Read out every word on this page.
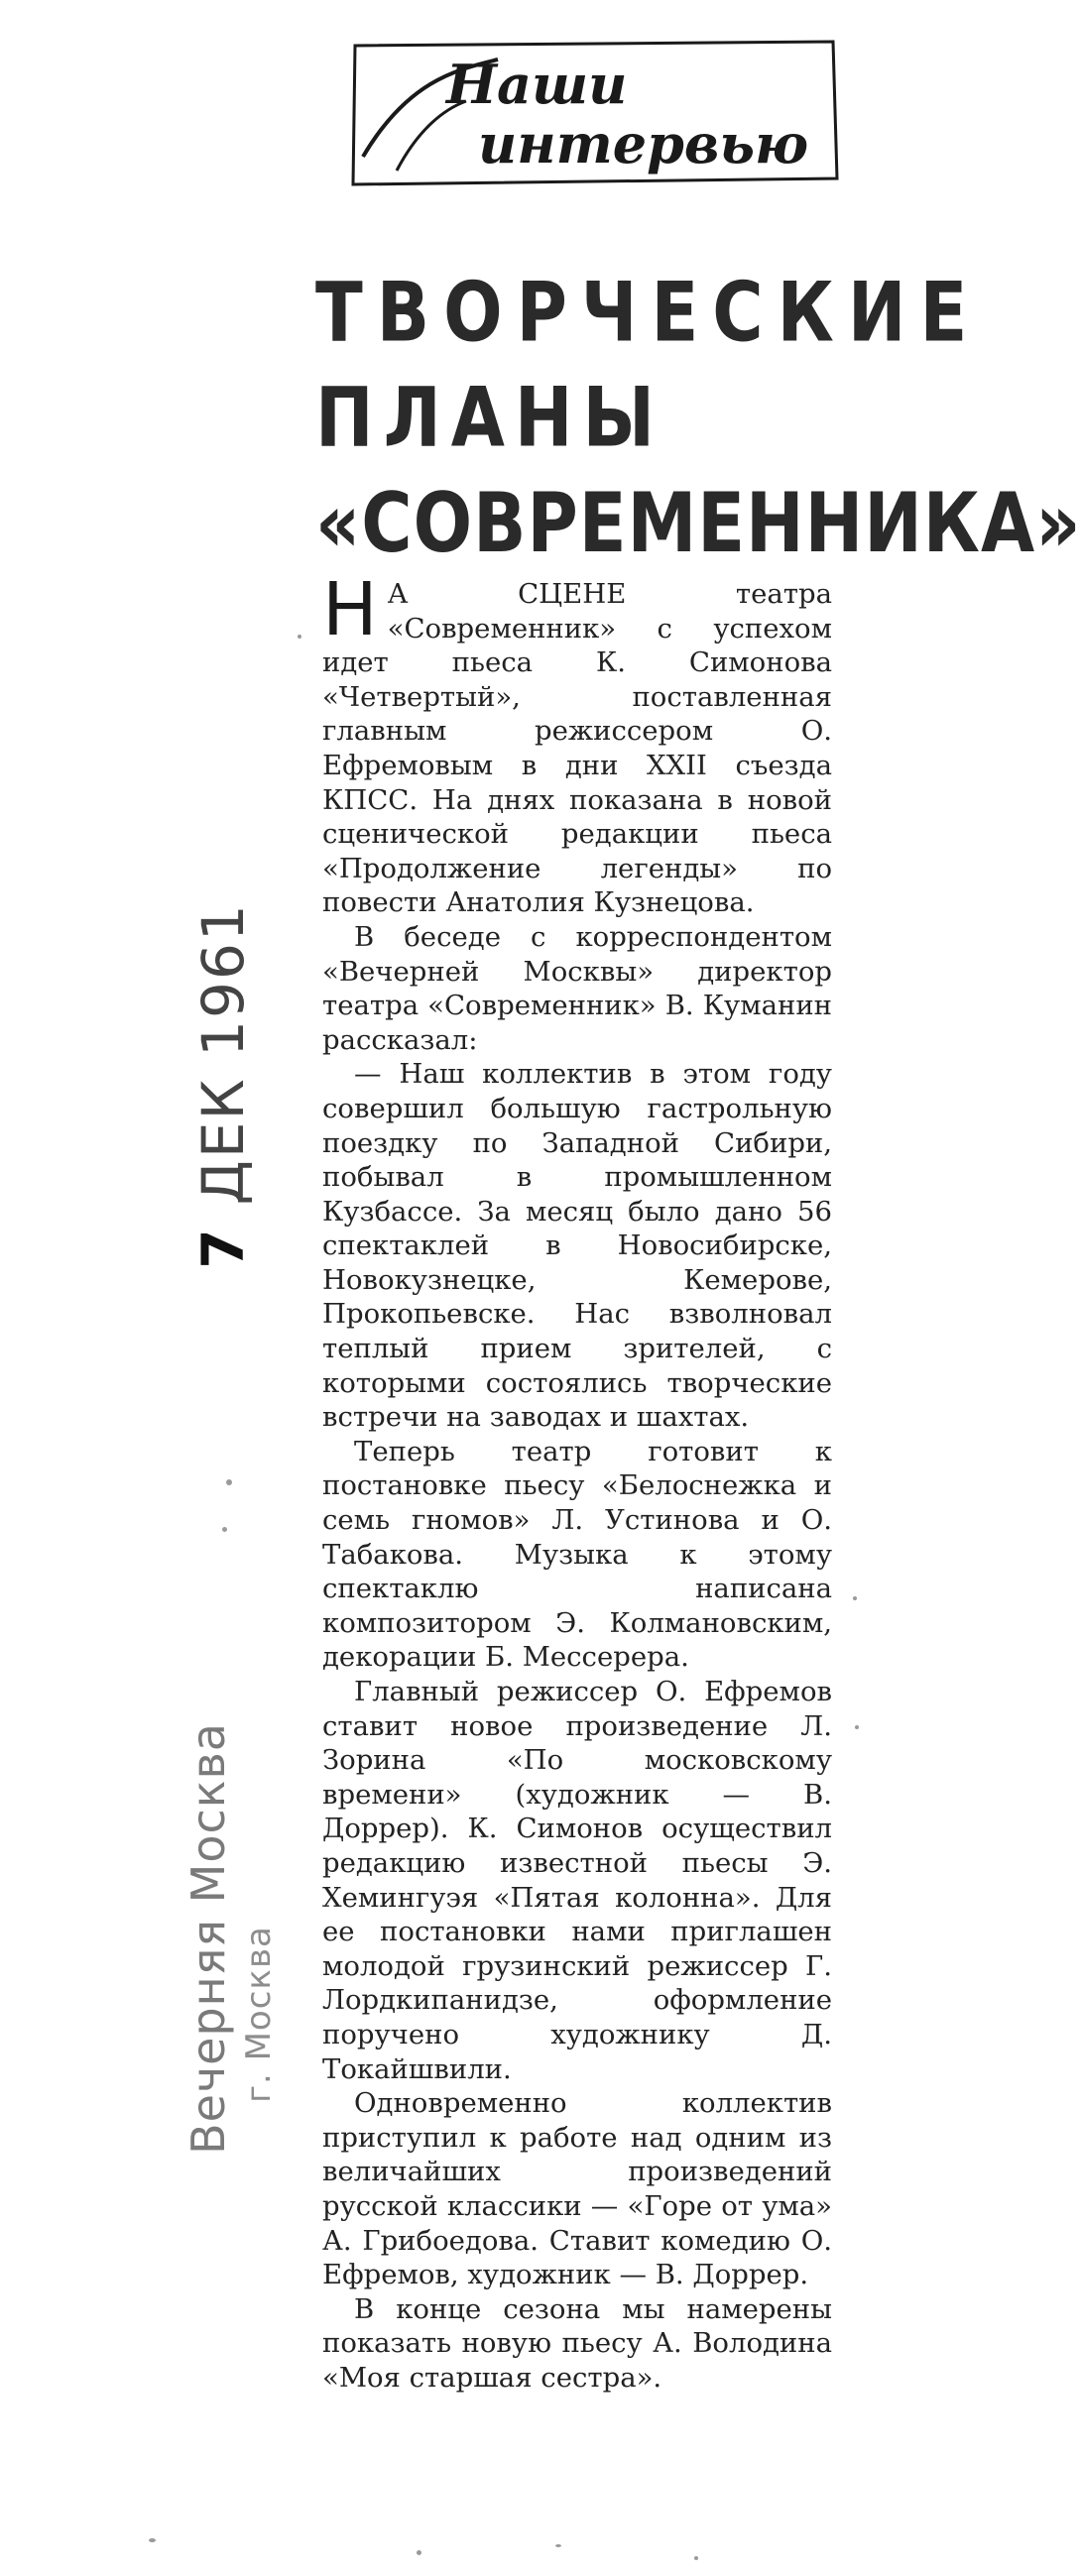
Наши
интервью
ТВОРЧЕСКИЕ
ПЛАНЫ
«СОВРЕМЕННИКА»

Н А СЦЕНЕ театра «Современник» с успехом идет пьеса К. Симонова «Четвертый», поставленная главным режиссером О. Ефремовым в дни XXII съезда КПСС. На днях показана в новой сценической редакции пьеса «Продолжение легенды» по повести Анатолия Кузнецова.

В беседе с корреспондентом «Вечерней Москвы» директор театра «Современник» В. Куманин рассказал:

— Наш коллектив в этом году совершил большую гастрольную поездку по Западной Сибири, побывал в промышленном Кузбассе. За месяц было дано 56 спектаклей в Новосибирске, Новокузнецке, Кемерове, Прокопьевске. Нас взволновал теплый прием зрителей, с которыми состоялись творческие встречи на заводах и шахтах.

Теперь театр готовит к постановке пьесу «Белоснежка и семь гномов» Л. Устинова и О. Табакова. Музыка к этому спектаклю написана композитором Э. Колмановским, декорации Б. Мессерера.

Главный режиссер О. Ефремов ставит новое произведение Л. Зорина «По московскому времени» (художник — В. Доррер). К. Симонов осуществил редакцию известной пьесы Э. Хемингуэя «Пятая колонна». Для ее постановки нами приглашен молодой грузинский режиссер Г. Лордкипанидзе, оформление поручено художнику Д. Токайшвили.

Одновременно коллектив приступил к работе над одним из величайших произведений русской классики — «Горе от ума» А. Грибоедова. Ставит комедию О. Ефремов, художник — В. Доррер.

В конце сезона мы намерены показать новую пьесу А. Володина «Моя старшая сестра».

7ДЕК 1961
Вечерняя Москва г. Москва
